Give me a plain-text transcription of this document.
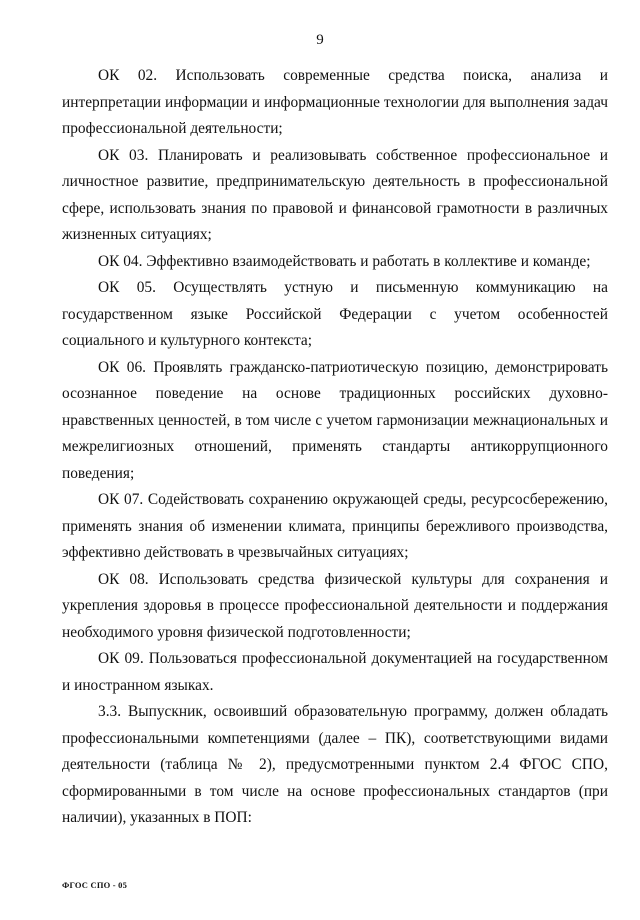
9

ОК 02. Использовать современные средства поиска, анализа и интерпретации информации и информационные технологии для выполнения задач профессиональной деятельности;

ОК 03. Планировать и реализовывать собственное профессиональное и личностное развитие, предпринимательскую деятельность в профессиональной сфере, использовать знания по правовой и финансовой грамотности в различных жизненных ситуациях;

ОК 04. Эффективно взаимодействовать и работать в коллективе и команде;

ОК 05. Осуществлять устную и письменную коммуникацию на государственном языке Российской Федерации с учетом особенностей социального и культурного контекста;

ОК 06. Проявлять гражданско-патриотическую позицию, демонстрировать осознанное поведение на основе традиционных российских духовно-нравственных ценностей, в том числе с учетом гармонизации межнациональных и межрелигиозных отношений, применять стандарты антикоррупционного поведения;

ОК 07. Содействовать сохранению окружающей среды, ресурсосбережению, применять знания об изменении климата, принципы бережливого производства, эффективно действовать в чрезвычайных ситуациях;

ОК 08. Использовать средства физической культуры для сохранения и укрепления здоровья в процессе профессиональной деятельности и поддержания необходимого уровня физической подготовленности;

ОК 09. Пользоваться профессиональной документацией на государственном и иностранном языках.

3.3. Выпускник, освоивший образовательную программу, должен обладать профессиональными компетенциями (далее – ПК), соответствующими видами деятельности (таблица № 2), предусмотренными пунктом 2.4 ФГОС СПО, сформированными в том числе на основе профессиональных стандартов (при наличии), указанных в ПОП:

ФГОС СПО - 05
